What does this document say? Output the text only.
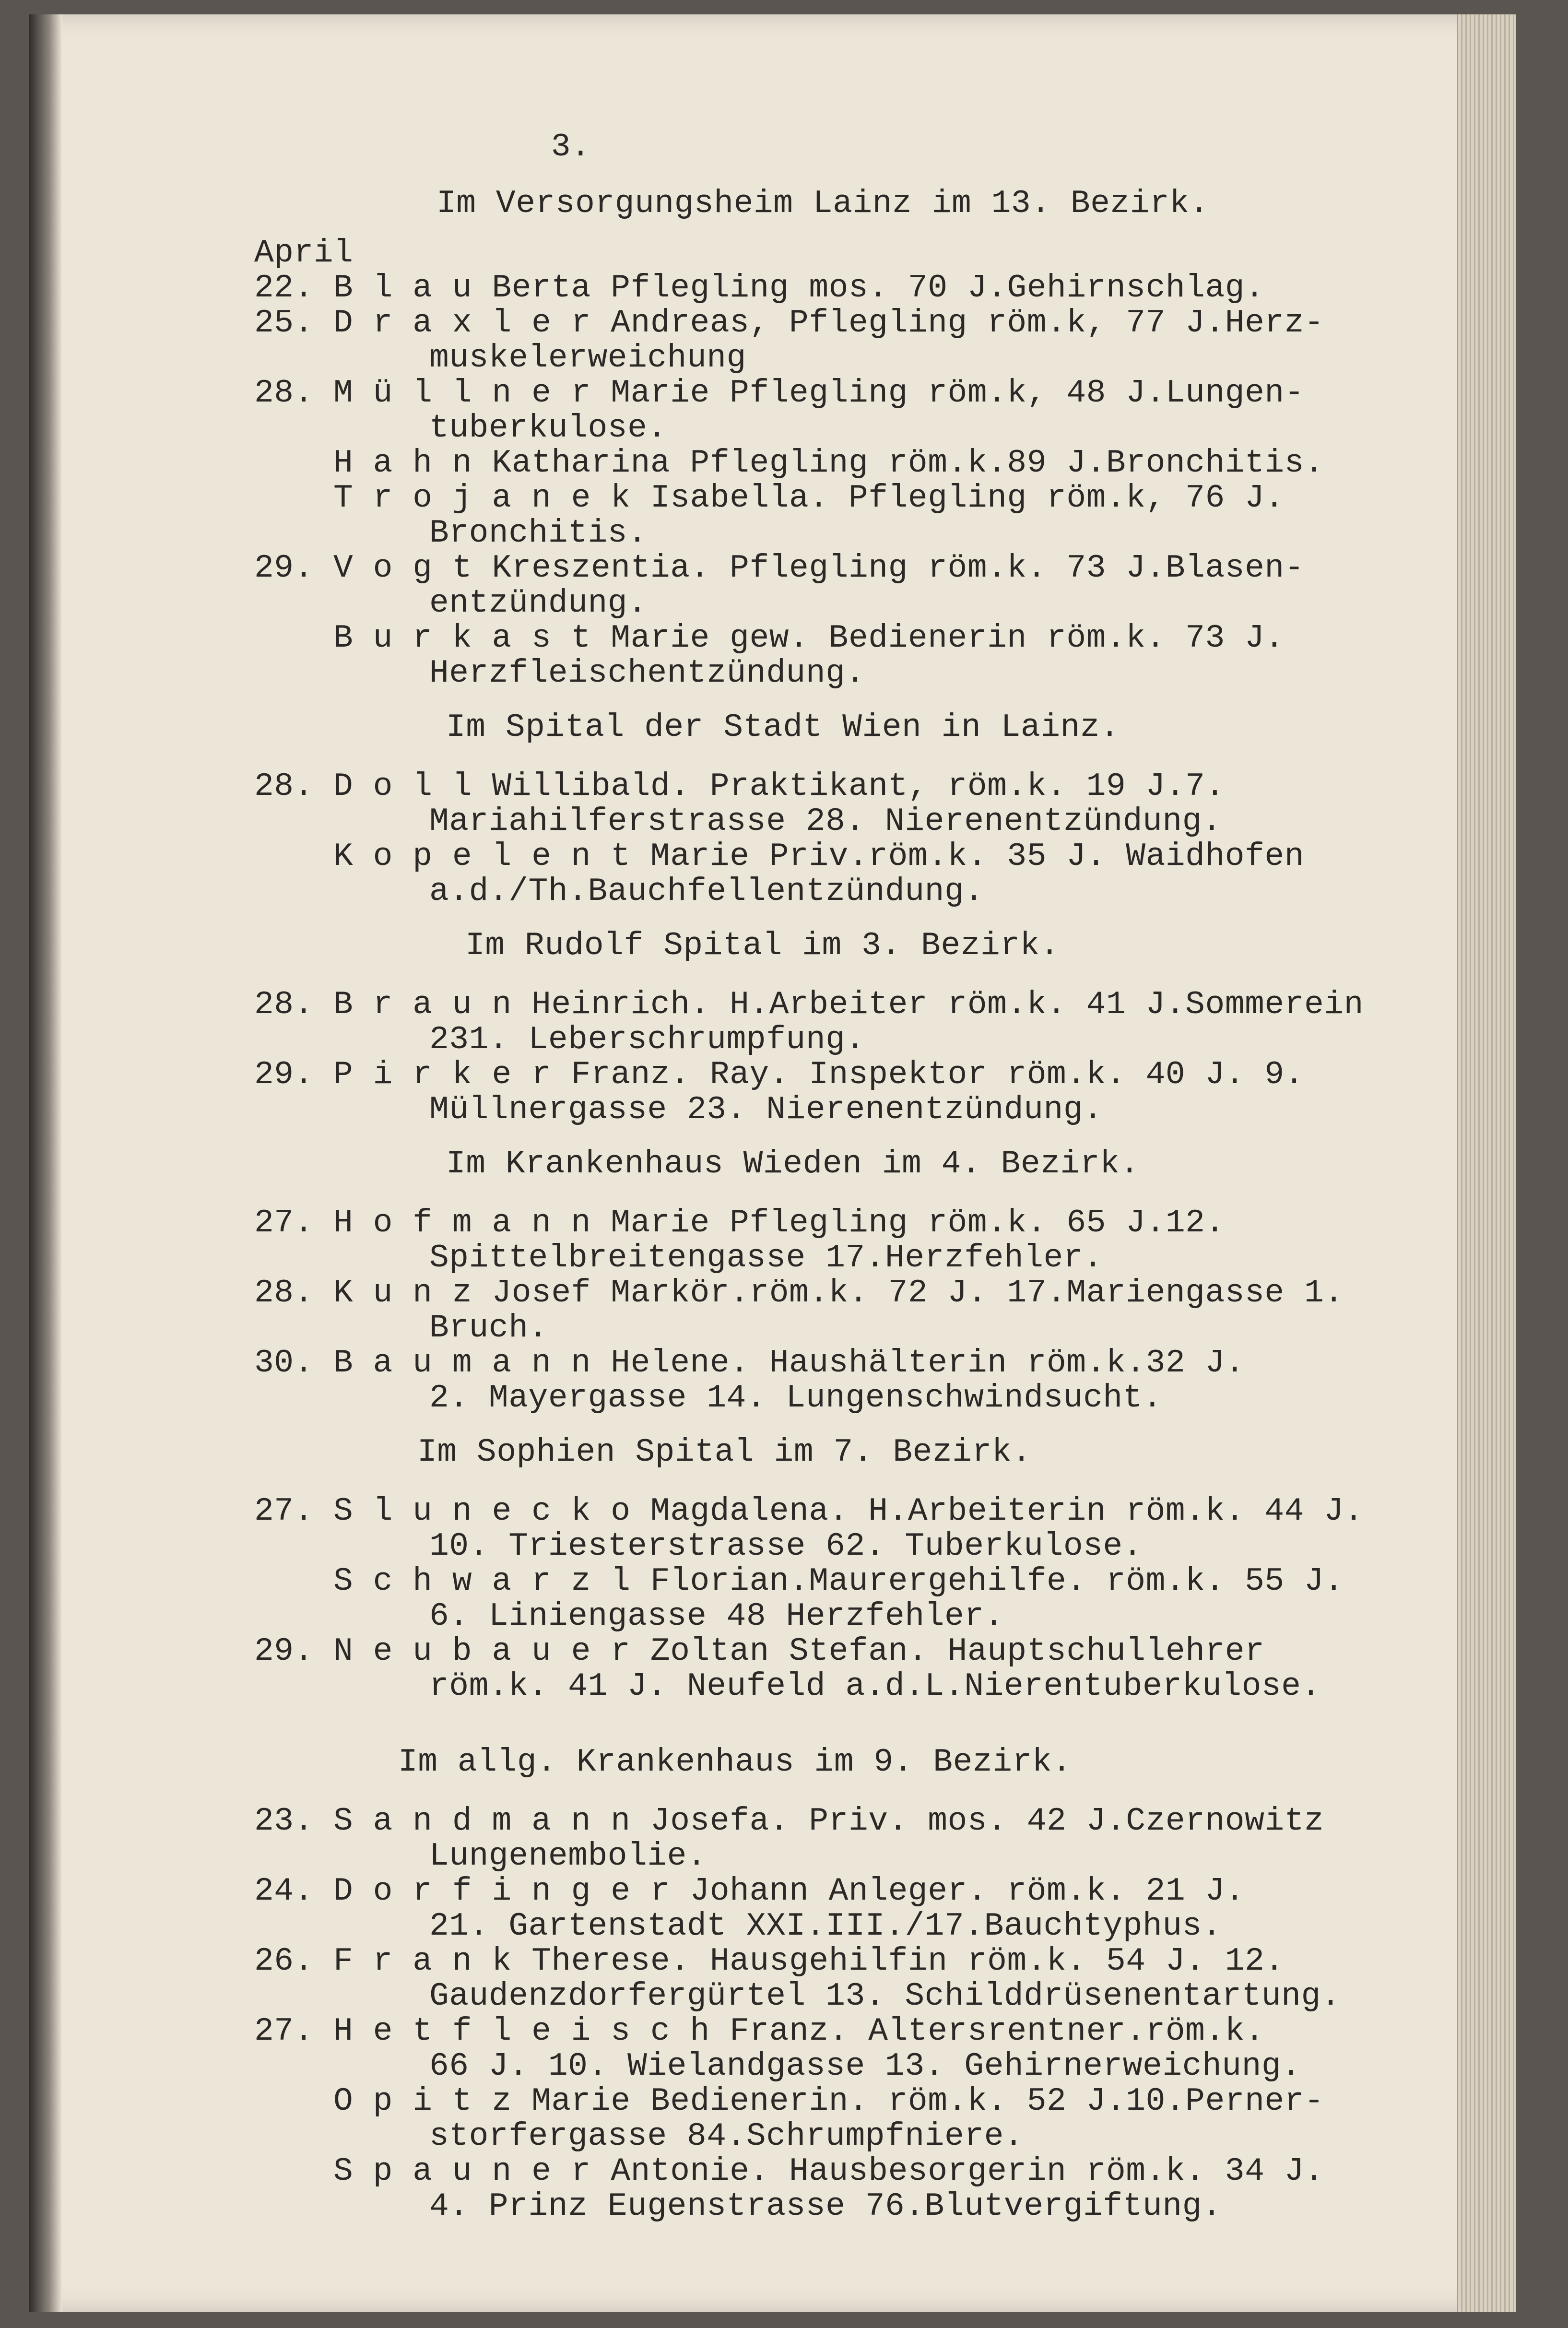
3.
Im Versorgungsheim Lainz im 13. Bezirk.
April
22. B l a u Berta Pflegling mos. 70 J.Gehirnschlag.
25. D r a x l e r Andreas, Pflegling röm.k, 77 J.Herz-
muskelerweichung
28. M ü l l n e r Marie Pflegling röm.k, 48 J.Lungen-
tuberkulose.
H a h n Katharina Pflegling röm.k.89 J.Bronchitis.
T r o j a n e k Isabella. Pflegling röm.k, 76 J.
Bronchitis.
29. V o g t Kreszentia. Pflegling röm.k. 73 J.Blasen-
entzündung.
B u r k a s t Marie gew. Bedienerin röm.k. 73 J.
Herzfleischentzündung.
Im Spital der Stadt Wien in Lainz.
28. D o l l Willibald. Praktikant, röm.k. 19 J.7.
Mariahilferstrasse 28. Nierenentzündung.
K o p e l e n t Marie Priv.röm.k. 35 J. Waidhofen
a.d./Th.Bauchfellentzündung.
Im Rudolf Spital im 3. Bezirk.
28. B r a u n Heinrich. H.Arbeiter röm.k. 41 J.Sommerein
231. Leberschrumpfung.
29. P i r k e r Franz. Ray. Inspektor röm.k. 40 J. 9.
Müllnergasse 23. Nierenentzündung.
Im Krankenhaus Wieden im 4. Bezirk.
27. H o f m a n n Marie Pflegling röm.k. 65 J.12.
Spittelbreitengasse 17.Herzfehler.
28. K u n z Josef Markör.röm.k. 72 J. 17.Mariengasse 1.
Bruch.
30. B a u m a n n Helene. Haushälterin röm.k.32 J.
2. Mayergasse 14. Lungenschwindsucht.
Im Sophien Spital im 7. Bezirk.
27. S l u n e c k o Magdalena. H.Arbeiterin röm.k. 44 J.
10. Triesterstrasse 62. Tuberkulose.
S c h w a r z l Florian.Maurergehilfe. röm.k. 55 J.
6. Liniengasse 48 Herzfehler.
29. N e u b a u e r Zoltan Stefan. Hauptschullehrer
röm.k. 41 J. Neufeld a.d.L.Nierentuberkulose.
Im allg. Krankenhaus im 9. Bezirk.
23. S a n d m a n n Josefa. Priv. mos. 42 J.Czernowitz
Lungenembolie.
24. D o r f i n g e r Johann Anleger. röm.k. 21 J.
21. Gartenstadt XXI.III./17.Bauchtyphus.
26. F r a n k Therese. Hausgehilfin röm.k. 54 J. 12.
Gaudenzdorfergürtel 13. Schilddrüsenentartung.
27. H e t f l e i s c h Franz. Altersrentner.röm.k.
66 J. 10. Wielandgasse 13. Gehirnerweichung.
O p i t z Marie Bedienerin. röm.k. 52 J.10.Perner-
storfergasse 84.Schrumpfniere.
S p a u n e r Antonie. Hausbesorgerin röm.k. 34 J.
4. Prinz Eugenstrasse 76.Blutvergiftung.
